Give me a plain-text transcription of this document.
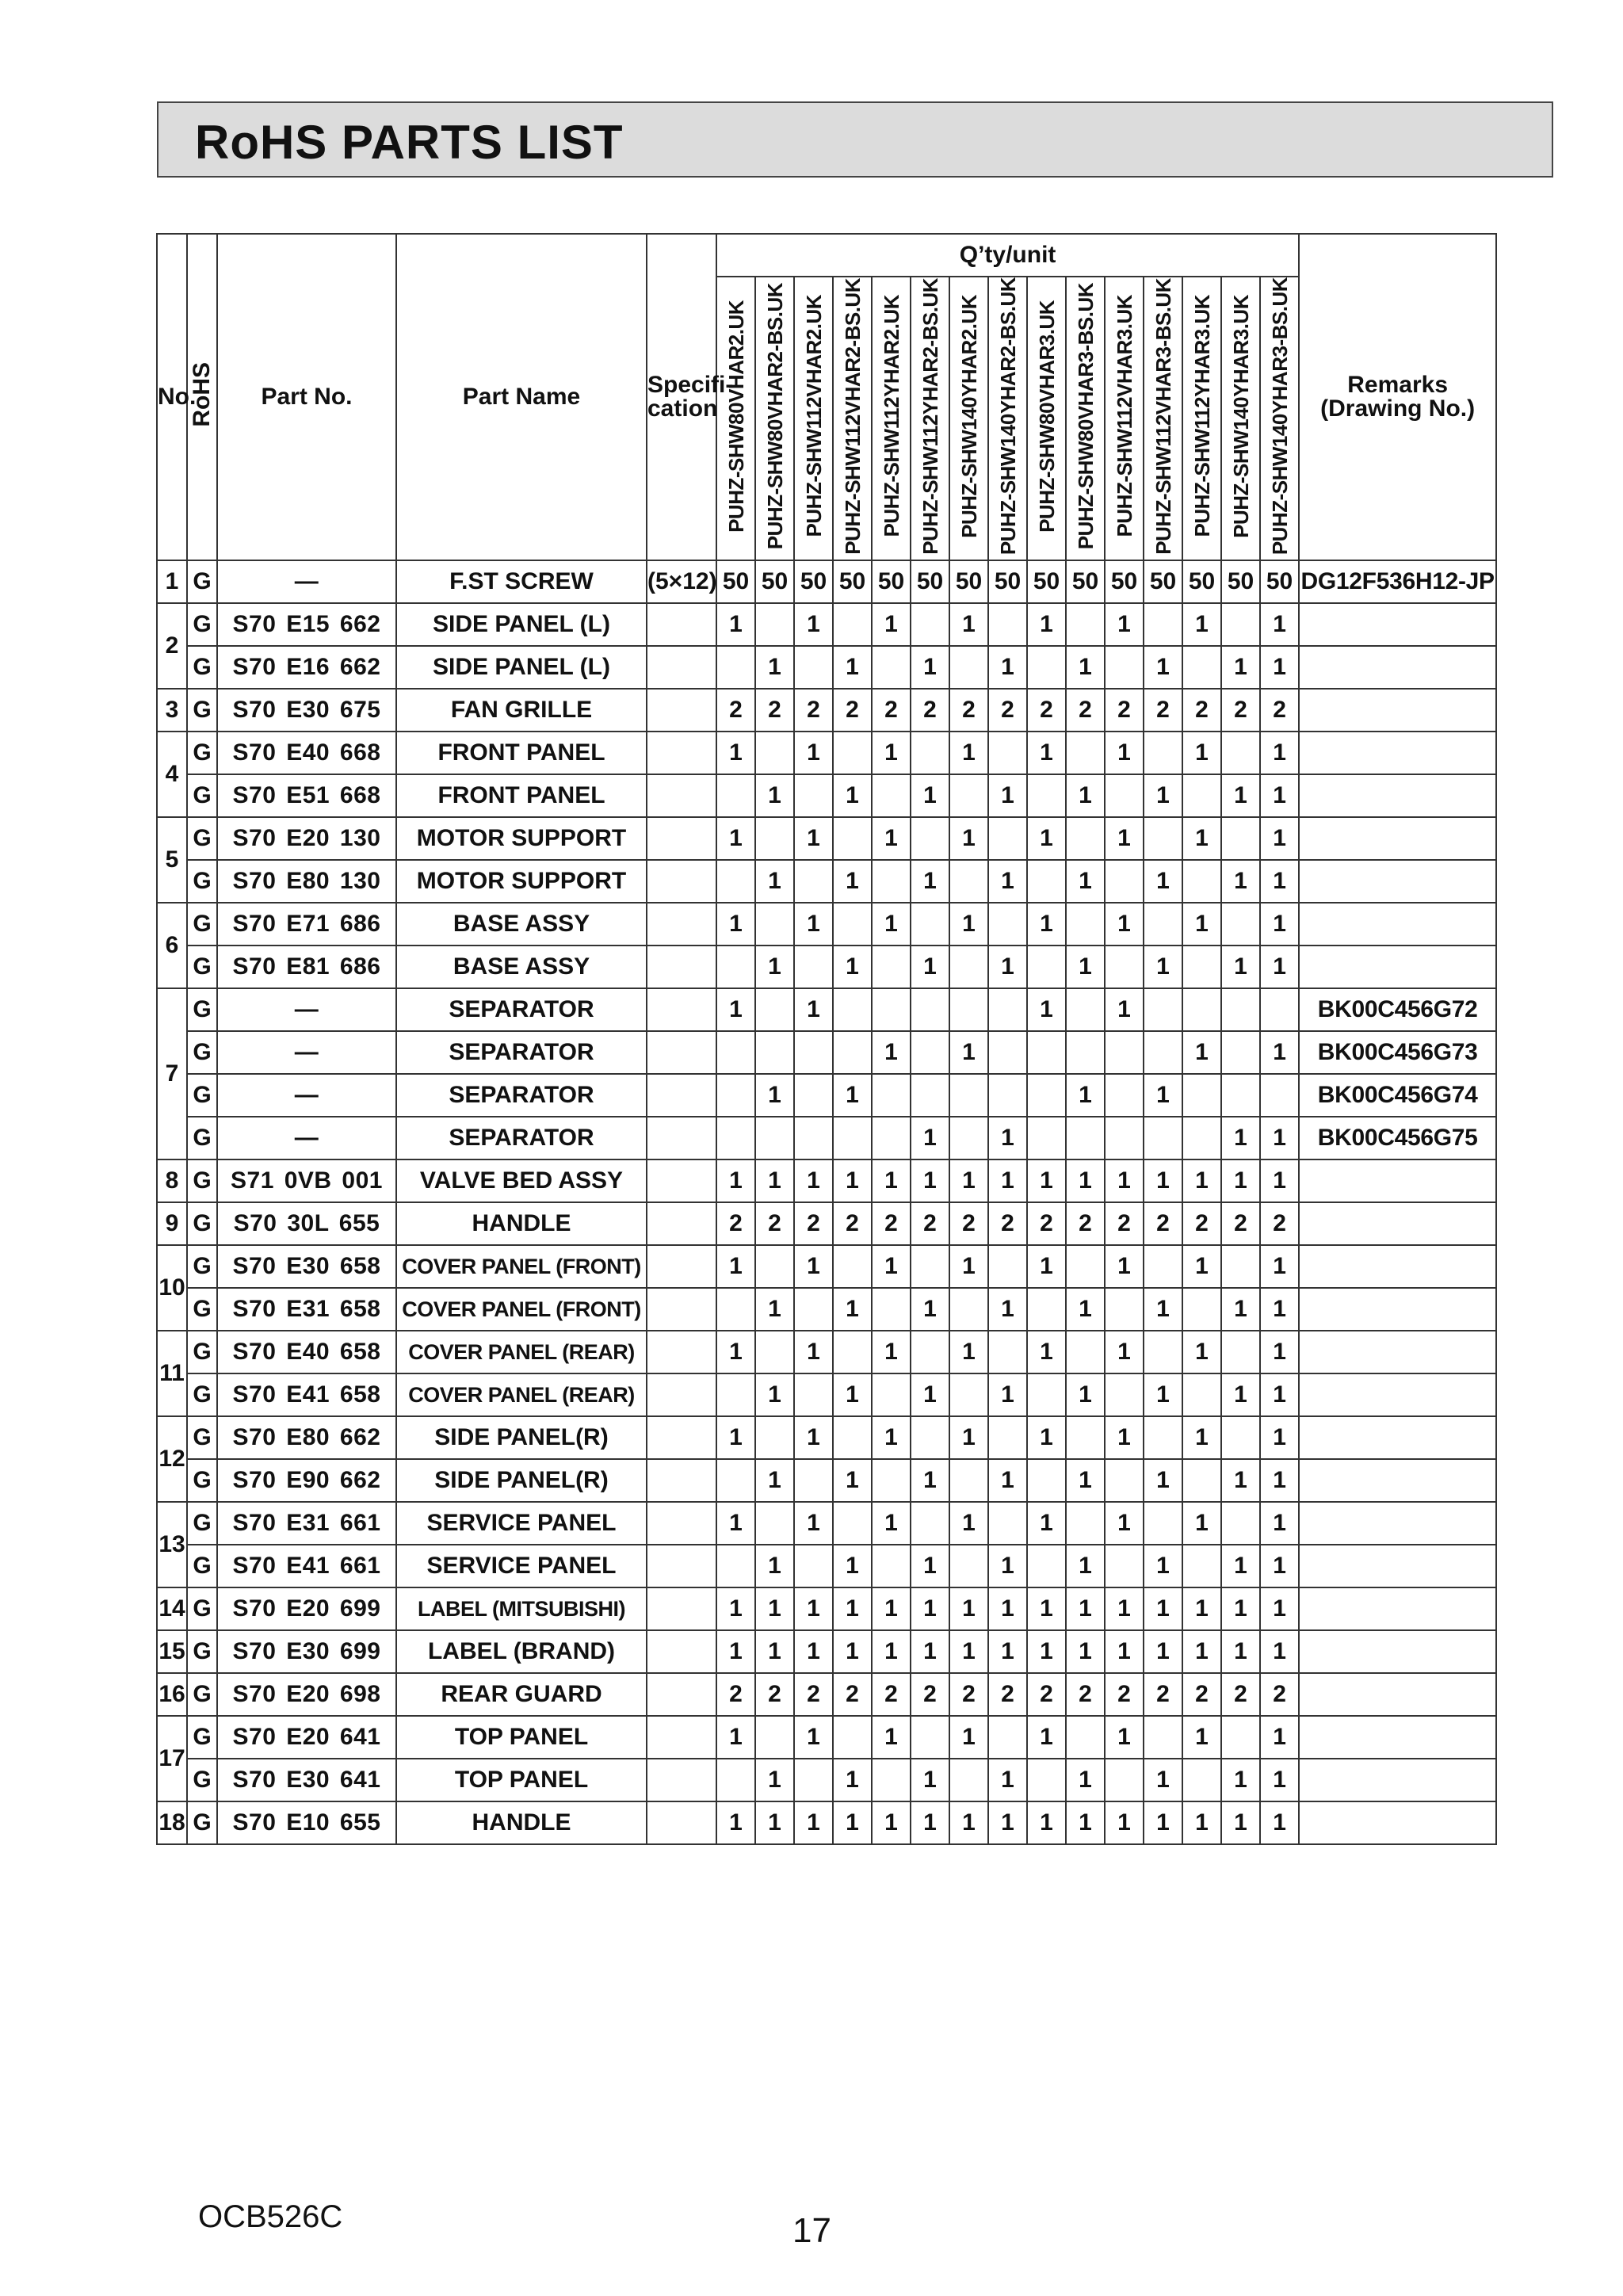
RoHS PARTS LIST
No.	RoHS	Part No.	Part Name	Specifi-
cation	Q’ty/unit															Remarks
(Drawing No.)
					PUHZ-SHW80VHAR2.UK	PUHZ-SHW80VHAR2-BS.UK	PUHZ-SHW112VHAR2.UK	PUHZ-SHW112VHAR2-BS.UK	PUHZ-SHW112YHAR2.UK	PUHZ-SHW112YHAR2-BS.UK	PUHZ-SHW140YHAR2.UK	PUHZ-SHW140YHAR2-BS.UK	PUHZ-SHW80VHAR3.UK	PUHZ-SHW80VHAR3-BS.UK	PUHZ-SHW112VHAR3.UK	PUHZ-SHW112VHAR3-BS.UK	PUHZ-SHW112YHAR3.UK	PUHZ-SHW140YHAR3.UK	PUHZ-SHW140YHAR3-BS.UK	
1	G	—	F.ST SCREW	(5×12)	50	50	50	50	50	50	50	50	50	50	50	50	50	50	50	DG12F536H12-JP
2	G	S70 E15 662	SIDE PANEL (L)		1		1		1		1		1		1		1		1	
	G	S70 E16 662	SIDE PANEL (L)			1		1		1		1		1		1		1	1	
3	G	S70 E30 675	FAN GRILLE		2	2	2	2	2	2	2	2	2	2	2	2	2	2	2	
4	G	S70 E40 668	FRONT PANEL		1		1		1		1		1		1		1		1	
	G	S70 E51 668	FRONT PANEL			1		1		1		1		1		1		1	1	
5	G	S70 E20 130	MOTOR SUPPORT		1		1		1		1		1		1		1		1	
	G	S70 E80 130	MOTOR SUPPORT			1		1		1		1		1		1		1	1	
6	G	S70 E71 686	BASE ASSY		1		1		1		1		1		1		1		1	
	G	S70 E81 686	BASE ASSY			1		1		1		1		1		1		1	1	
7	G	—	SEPARATOR		1		1						1		1					BK00C456G72
	G	—	SEPARATOR						1		1						1		1	BK00C456G73
	G	—	SEPARATOR			1		1						1		1				BK00C456G74
	G	—	SEPARATOR							1		1						1	1	BK00C456G75
8	G	S71 0VB 001	VALVE BED ASSY		1	1	1	1	1	1	1	1	1	1	1	1	1	1	1	
9	G	S70 30L 655	HANDLE		2	2	2	2	2	2	2	2	2	2	2	2	2	2	2	
10	G	S70 E30 658	COVER PANEL (FRONT)		1		1		1		1		1		1		1		1	
	G	S70 E31 658	COVER PANEL (FRONT)			1		1		1		1		1		1		1	1	
11	G	S70 E40 658	COVER PANEL (REAR)		1		1		1		1		1		1		1		1	
	G	S70 E41 658	COVER PANEL (REAR)			1		1		1		1		1		1		1	1	
12	G	S70 E80 662	SIDE PANEL(R)		1		1		1		1		1		1		1		1	
	G	S70 E90 662	SIDE PANEL(R)			1		1		1		1		1		1		1	1	
13	G	S70 E31 661	SERVICE PANEL		1		1		1		1		1		1		1		1	
	G	S70 E41 661	SERVICE PANEL			1		1		1		1		1		1		1	1	
14	G	S70 E20 699	LABEL (MITSUBISHI)		1	1	1	1	1	1	1	1	1	1	1	1	1	1	1	
15	G	S70 E30 699	LABEL (BRAND)		1	1	1	1	1	1	1	1	1	1	1	1	1	1	1	
16	G	S70 E20 698	REAR GUARD		2	2	2	2	2	2	2	2	2	2	2	2	2	2	2	
17	G	S70 E20 641	TOP PANEL		1		1		1		1		1		1		1		1	
	G	S70 E30 641	TOP PANEL			1		1		1		1		1		1		1	1	
18	G	S70 E10 655	HANDLE		1	1	1	1	1	1	1	1	1	1	1	1	1	1	1	
OCB526C	17
